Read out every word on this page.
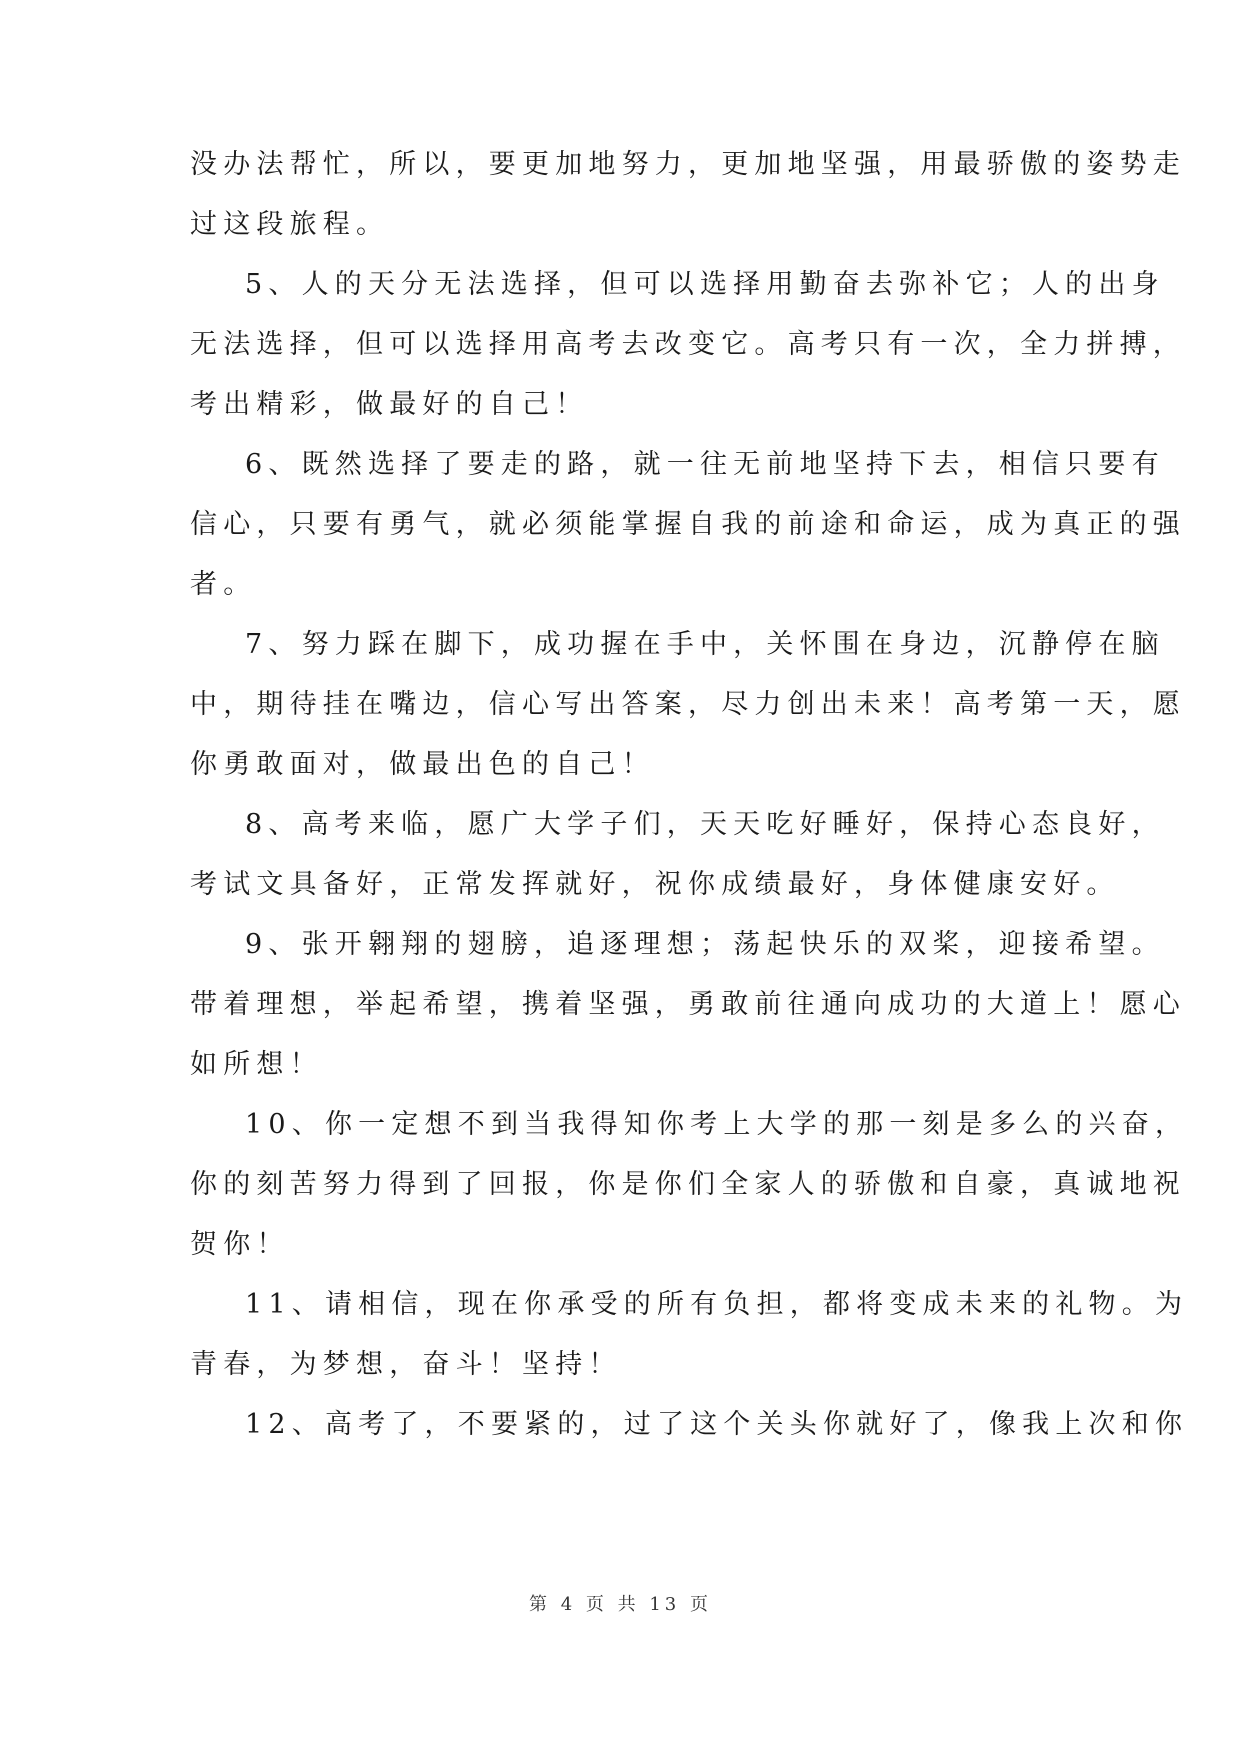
没办法帮忙，所以，要更加地努力，更加地坚强，用最骄傲的姿势走
过这段旅程。
5、人的天分无法选择，但可以选择用勤奋去弥补它；人的出身
无法选择，但可以选择用高考去改变它。高考只有一次，全力拼搏，
考出精彩，做最好的自己！
6、既然选择了要走的路，就一往无前地坚持下去，相信只要有
信心，只要有勇气，就必须能掌握自我的前途和命运，成为真正的强
者。
7、努力踩在脚下，成功握在手中，关怀围在身边，沉静停在脑
中，期待挂在嘴边，信心写出答案，尽力创出未来！高考第一天，愿
你勇敢面对，做最出色的自己！
8、高考来临，愿广大学子们，天天吃好睡好，保持心态良好，
考试文具备好，正常发挥就好，祝你成绩最好，身体健康安好。
9、张开翱翔的翅膀，追逐理想；荡起快乐的双桨，迎接希望。
带着理想，举起希望，携着坚强，勇敢前往通向成功的大道上！愿心
如所想！
10、你一定想不到当我得知你考上大学的那一刻是多么的兴奋，
你的刻苦努力得到了回报，你是你们全家人的骄傲和自豪，真诚地祝
贺你！
11、请相信，现在你承受的所有负担，都将变成未来的礼物。为
青春，为梦想，奋斗！坚持！
12、高考了，不要紧的，过了这个关头你就好了，像我上次和你
第 4 页 共 13 页
